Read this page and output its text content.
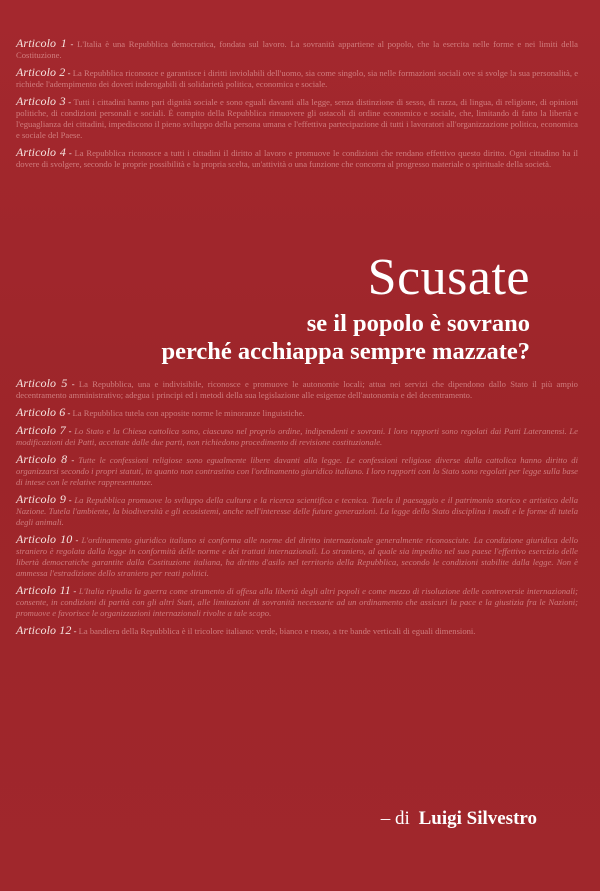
Articolo 1 - L'Italia è una Repubblica democratica, fondata sul lavoro. La sovranità appartiene al popolo, che la esercita nelle forme e nei limiti della Costituzione.

Articolo 2 - La Repubblica riconosce e garantisce i diritti inviolabili dell'uomo, sia come singolo, sia nelle formazioni sociali ove si svolge la sua personalità, e richiede l'adempimento dei doveri inderogabili di solidarietà politica, economica e sociale.

Articolo 3 - Tutti i cittadini hanno pari dignità sociale e sono eguali davanti alla legge, senza distinzione di sesso, di razza, di lingua, di religione, di opinioni politiche, di condizioni personali e sociali. È compito della Repubblica rimuovere gli ostacoli di ordine economico e sociale, che, limitando di fatto la libertà e l'eguaglianza dei cittadini, impediscono il pieno sviluppo della persona umana e l'effettiva partecipazione di tutti i lavoratori all'organizzazione politica, economica e sociale del Paese.

Articolo 4 - La Repubblica riconosce a tutti i cittadini il diritto al lavoro e promuove le condizioni che rendano effettivo questo diritto. Ogni cittadino ha il dovere di svolgere, secondo le proprie possibilità e la propria scelta, un'attività o una funzione che concorra al progresso materiale o spirituale della società.

Scusate

se il popolo è sovrano

perché acchiappa sempre mazzate?

Articolo 5 - La Repubblica, una e indivisibile, riconosce e promuove le autonomie locali; attua nei servizi che dipendono dallo Stato il più ampio decentramento amministrativo; adegua i principi ed i metodi della sua legislazione alle esigenze dell'autonomia e del decentramento.

Articolo 6 - La Repubblica tutela con apposite norme le minoranze linguistiche.

Articolo 7 - Lo Stato e la Chiesa cattolica sono, ciascuno nel proprio ordine, indipendenti e sovrani. I loro rapporti sono regolati dai Patti Lateranensi. Le modificazioni dei Patti, accettate dalle due parti, non richiedono procedimento di revisione costituzionale.

Articolo 8 - Tutte le confessioni religiose sono egualmente libere davanti alla legge. Le confessioni religiose diverse dalla cattolica hanno diritto di organizzarsi secondo i propri statuti, in quanto non contrastino con l'ordinamento giuridico italiano. I loro rapporti con lo Stato sono regolati per legge sulla base di intese con le relative rappresentanze.

Articolo 9 - La Repubblica promuove lo sviluppo della cultura e la ricerca scientifica e tecnica. Tutela il paesaggio e il patrimonio storico e artistico della Nazione. Tutela l'ambiente, la biodiversità e gli ecosistemi, anche nell'interesse delle future generazioni. La legge dello Stato disciplina i modi e le forme di tutela degli animali.

Articolo 10 - L'ordinamento giuridico italiano si conforma alle norme del diritto internazionale generalmente riconosciute. La condizione giuridica dello straniero è regolata dalla legge in conformità delle norme e dei trattati internazionali. Lo straniero, al quale sia impedito nel suo paese l'effettivo esercizio delle libertà democratiche garantite dalla Costituzione italiana, ha diritto d'asilo nel territorio della Repubblica, secondo le condizioni stabilite dalla legge. Non è ammessa l'estradizione dello straniero per reati politici.

Articolo 11 - L'Italia ripudia la guerra come strumento di offesa alla libertà degli altri popoli e come mezzo di risoluzione delle controversie internazionali; consente, in condizioni di parità con gli altri Stati, alle limitazioni di sovranità necessarie ad un ordinamento che assicuri la pace e la giustizia fra le Nazioni; promuove e favorisce le organizzazioni internazionali rivolte a tale scopo.

Articolo 12 - La bandiera della Repubblica è il tricolore italiano: verde, bianco e rosso, a tre bande verticali di eguali dimensioni.

– di Luigi Silvestro
